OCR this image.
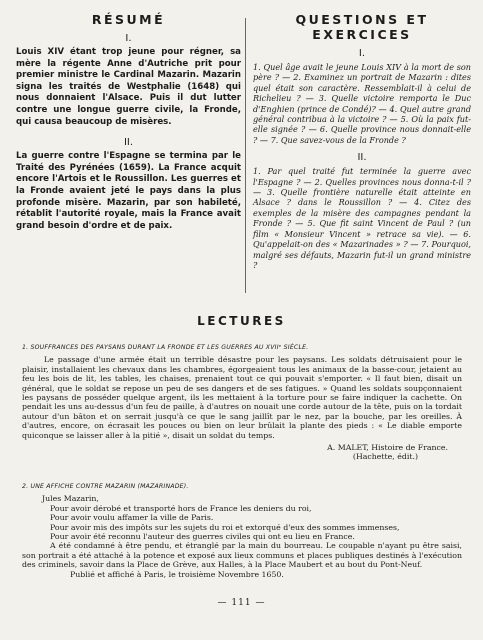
RÉSUMÉ
I.

Louis XIV étant trop jeune pour régner, sa mère la régente Anne d'Autriche prit pour premier ministre le Cardinal Mazarin. Mazarin signa les traités de Westphalie (1648) qui nous donnaient l'Alsace. Puis il dut lutter contre une longue guerre civile, la Fronde, qui causa beaucoup de misères.

II.

La guerre contre l'Espagne se termina par le Traité des Pyrénées (1659). La France acquit encore l'Artois et le Roussillon. Les guerres et la Fronde avaient jeté le pays dans la plus profonde misère. Mazarin, par son habileté, rétablit l'autorité royale, mais la France avait grand besoin d'ordre et de paix.

QUESTIONS ET EXERCICES
I.

1. Quel âge avait le jeune Louis XIV à la mort de son père ? — 2. Examinez un portrait de Mazarin : dites quel était son caractère. Ressemblait-il à celui de Richelieu ? — 3. Quelle victoire remporta le Duc d'Enghien (prince de Condé)? — 4. Quel autre grand général contribua à la victoire ? — 5. Où la paix fut-elle signée ? — 6. Quelle province nous donnait-elle ? — 7. Que savez-vous de la Fronde ?

II.

1. Par quel traité fut terminée la guerre avec l'Espagne ? — 2. Quelles provinces nous donna-t-il ? — 3. Quelle frontière naturelle était atteinte en Alsace ? dans le Roussillon ? — 4. Citez des exemples de la misère des campagnes pendant la Fronde ? — 5. Que fit saint Vincent de Paul ? (un film « Monsieur Vincent » retrace sa vie). — 6. Qu'appelait-on des « Mazarinades » ? — 7. Pourquoi, malgré ses défauts, Mazarin fut-il un grand ministre ?

LECTURES
1. SOUFFRANCES DES PAYSANS DURANT LA FRONDE ET LES GUERRES AU XVIIᵉ SIÈCLE.

Le passage d'une armée était un terrible désastre pour les paysans. Les soldats détruisaient pour le plaisir, installaient les chevaux dans les chambres, égorgeaient tous les animaux de la basse-cour, jetaient au feu les bois de lit, les tables, les chaises, prenaient tout ce qui pouvait s'emporter. « Il faut bien, disait un général, que le soldat se repose un peu de ses dangers et de ses fatigues. » Quand les soldats soupçonnaient les paysans de posséder quelque argent, ils les mettaient à la torture pour se faire indiquer la cachette. On pendait les uns au-dessus d'un feu de paille, à d'autres on nouait une corde autour de la tête, puis on la tordait autour d'un bâton et on serrait jusqu'à ce que le sang jaillît par le nez, par la bouche, par les oreilles. À d'autres, encore, on écrasait les pouces ou bien on leur brûlait la plante des pieds : « Le diable emporte quiconque se laisser aller à la pitié », disait un soldat du temps.

A. MALET, Histoire de France.
(Hachette, édit.)
2. UNE AFFICHE CONTRE MAZARIN (MAZARINADE).

Jules Mazarin,

Pour avoir dérobé et transporté hors de France les deniers du roi,

Pour avoir voulu affamer la ville de Paris.

Pour avoir mis des impôts sur les sujets du roi et extorqué d'eux des sommes immenses,

Pour avoir été reconnu l'auteur des guerres civiles qui ont eu lieu en France.

A été condamné à être pendu, et étranglé par la main du bourreau. Le coupable n'ayant pu être saisi, son portrait a été attaché à la potence et exposé aux lieux communs et places publiques destinés à l'exécution des criminels, savoir dans la Place de Grève, aux Halles, à la Place Maubert et au bout du Pont-Neuf.

Publié et affiché à Paris, le troisième Novembre 1650.

— 111 —
